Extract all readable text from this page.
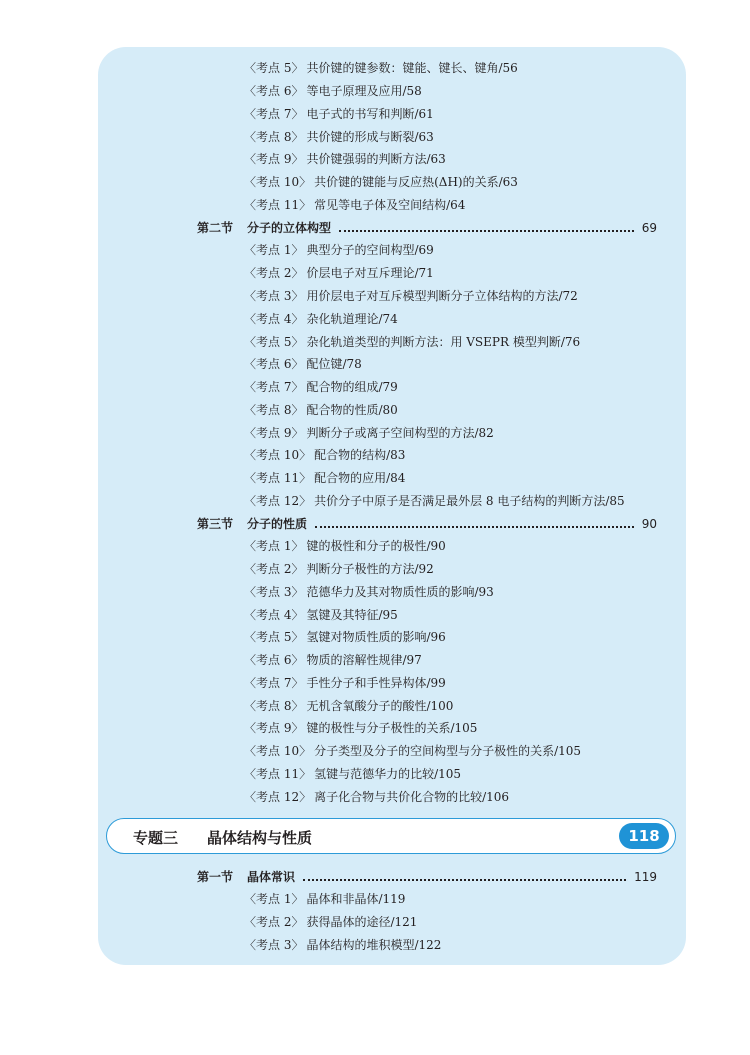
〈考点 5〉 共价键的键参数：键能、键长、键角/56
〈考点 6〉 等电子原理及应用/58
〈考点 7〉 电子式的书写和判断/61
〈考点 8〉 共价键的形成与断裂/63
〈考点 9〉 共价键强弱的判断方法/63
〈考点 10〉 共价键的键能与反应热(ΔH)的关系/63
〈考点 11〉 常见等电子体及空间结构/64
第二节 分子的立体构型	69
〈考点 1〉 典型分子的空间构型/69
〈考点 2〉 价层电子对互斥理论/71
〈考点 3〉 用价层电子对互斥模型判断分子立体结构的方法/72
〈考点 4〉 杂化轨道理论/74
〈考点 5〉 杂化轨道类型的判断方法：用 VSEPR 模型判断/76
〈考点 6〉 配位键/78
〈考点 7〉 配合物的组成/79
〈考点 8〉 配合物的性质/80
〈考点 9〉 判断分子或离子空间构型的方法/82
〈考点 10〉 配合物的结构/83
〈考点 11〉 配合物的应用/84
〈考点 12〉 共价分子中原子是否满足最外层 8 电子结构的判断方法/85
第三节 分子的性质	90
〈考点 1〉 键的极性和分子的极性/90
〈考点 2〉 判断分子极性的方法/92
〈考点 3〉 范德华力及其对物质性质的影响/93
〈考点 4〉 氢键及其特征/95
〈考点 5〉 氢键对物质性质的影响/96
〈考点 6〉 物质的溶解性规律/97
〈考点 7〉 手性分子和手性异构体/99
〈考点 8〉 无机含氧酸分子的酸性/100
〈考点 9〉 键的极性与分子极性的关系/105
〈考点 10〉 分子类型及分子的空间构型与分子极性的关系/105
〈考点 11〉 氢键与范德华力的比较/105
〈考点 12〉 离子化合物与共价化合物的比较/106
专题三 晶体结构与性质	118
第一节 晶体常识	119
〈考点 1〉 晶体和非晶体/119
〈考点 2〉 获得晶体的途径/121
〈考点 3〉 晶体结构的堆积模型/122
